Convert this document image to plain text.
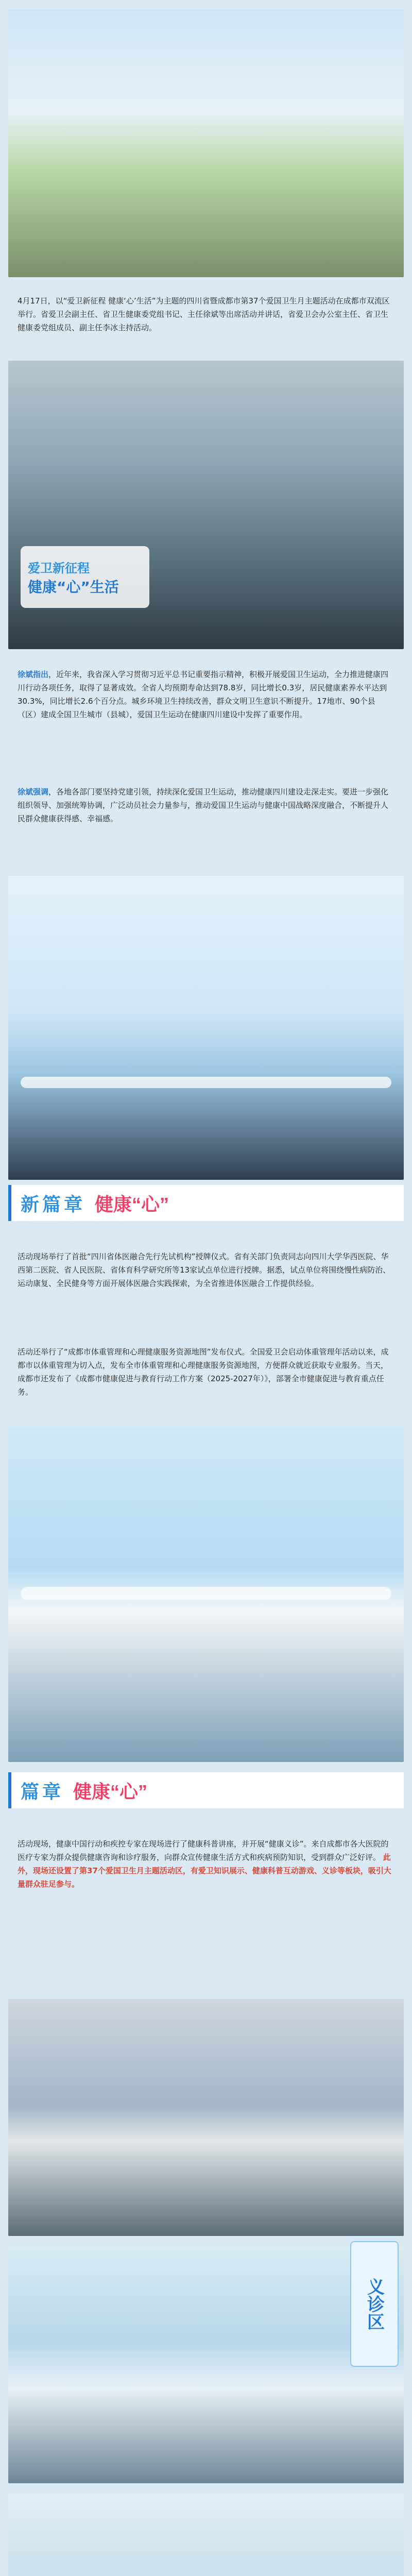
4月17日，以“爱卫新征程 健康‘心’生活”为主题的四川省暨成都市第37个爱国卫生月主题活动在成都市双流区举行。省爱卫会副主任、省卫生健康委党组书记、主任徐斌等出席活动并讲话，省爱卫会办公室主任、省卫生健康委党组成员、副主任李冰主持活动。
爱卫新征程
健康“心”生活
徐斌指出，近年来，我省深入学习贯彻习近平总书记重要指示精神，积极开展爱国卫生运动，全力推进健康四川行动各项任务，取得了显著成效。全省人均预期寿命达到78.8岁，同比增长0.3岁，居民健康素养水平达到30.3%，同比增长2.6个百分点。城乡环境卫生持续改善，群众文明卫生意识不断提升。17地市、90个县（区）建成全国卫生城市（县城），爱国卫生运动在健康四川建设中发挥了重要作用。
徐斌强调，各地各部门要坚持党建引领，持续深化爱国卫生运动，推动健康四川建设走深走实。要进一步强化组织领导、加强统筹协调，广泛动员社会力量参与，推动爱国卫生运动与健康中国战略深度融合，不断提升人民群众健康获得感、幸福感。
新篇章 健康“心”
活动现场举行了首批“四川省体医融合先行先试机构”授牌仪式。省有关部门负责同志向四川大学华西医院、华西第二医院、省人民医院、省体育科学研究所等13家试点单位进行授牌。据悉，试点单位将围绕慢性病防治、运动康复、全民健身等方面开展体医融合实践探索，为全省推进体医融合工作提供经验。
活动还举行了“成都市体重管理和心理健康服务资源地图”发布仪式。全国爱卫会启动体重管理年活动以来，成都市以体重管理为切入点，发布全市体重管理和心理健康服务资源地图，方便群众就近获取专业服务。当天，成都市还发布了《成都市健康促进与教育行动工作方案（2025-2027年）》，部署全市健康促进与教育重点任务。
篇章 健康“心”
活动现场，健康中国行动和疾控专家在现场进行了健康科普讲座，并开展“健康义诊”。来自成都市各大医院的医疗专家为群众提供健康咨询和诊疗服务，向群众宣传健康生活方式和疾病预防知识，受到群众广泛好评。 此外，现场还设置了第37个爱国卫生月主题活动区，有爱卫知识展示、健康科普互动游戏、义诊等板块，吸引大量群众驻足参与。
义诊区
